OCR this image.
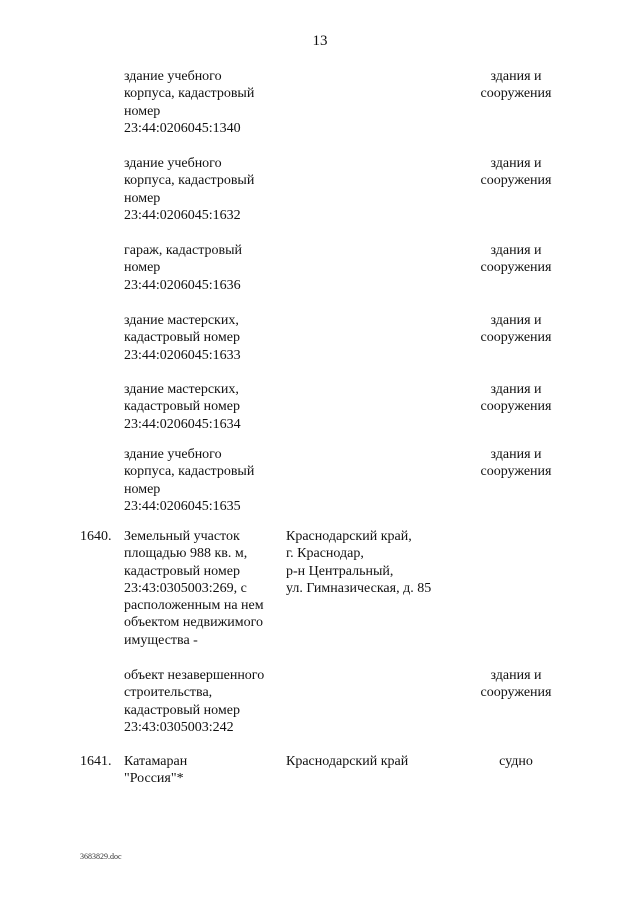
13
здание учебного
корпуса, кадастровый
номер
23:44:0206045:1340
здания и
сооружения
здание учебного
корпуса, кадастровый
номер
23:44:0206045:1632
здания и
сооружения
гараж, кадастровый
номер
23:44:0206045:1636
здания и
сооружения
здание мастерских,
кадастровый номер
23:44:0206045:1633
здания и
сооружения
здание мастерских,
кадастровый номер
23:44:0206045:1634
здания и
сооружения
здание учебного
корпуса, кадастровый
номер
23:44:0206045:1635
здания и
сооружения
1640. Земельный участок
площадью 988 кв. м,
кадастровый номер
23:43:0305003:269, с
расположенным на нем
объектом недвижимого
имущества -
Краснодарский край,
г. Краснодар,
р-н Центральный,
ул. Гимназическая, д. 85
объект незавершенного
строительства,
кадастровый номер
23:43:0305003:242
здания и
сооружения
1641. Катамаран
"Россия"*
Краснодарский край	судно
3683829.doc
